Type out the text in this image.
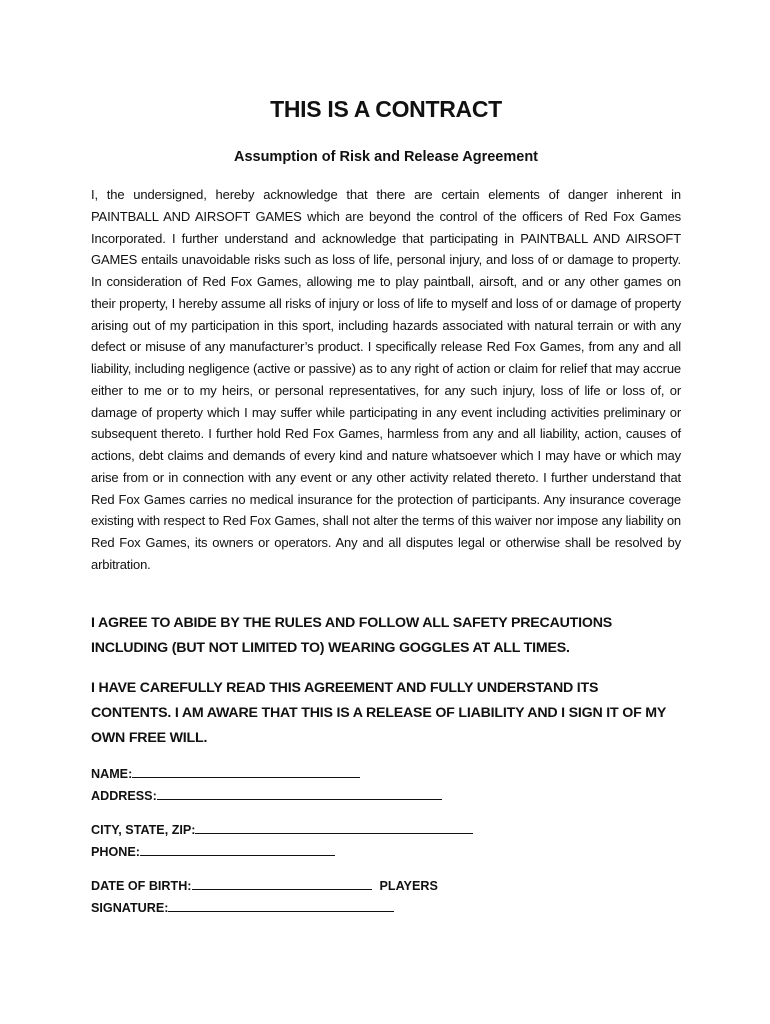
THIS IS A CONTRACT
Assumption of Risk and Release Agreement

I, the undersigned, hereby acknowledge that there are certain elements of danger inherent in PAINTBALL AND AIRSOFT GAMES which are beyond the control of the officers of Red Fox Games Incorporated. I further understand and acknowledge that participating in PAINTBALL AND AIRSOFT GAMES entails unavoidable risks such as loss of life, personal injury, and loss of or damage to property. In consideration of Red Fox Games, allowing me to play paintball, airsoft, and or any other games on their property, I hereby assume all risks of injury or loss of life to myself and loss of or damage of property arising out of my participation in this sport, including hazards associated with natural terrain or with any defect or misuse of any manufacturer’s product. I specifically release Red Fox Games, from any and all liability, including negligence (active or passive) as to any right of action or claim for relief that may accrue either to me or to my heirs, or personal representatives, for any such injury, loss of life or loss of, or damage of property which I may suffer while participating in any event including activities preliminary or subsequent thereto. I further hold Red Fox Games, harmless from any and all liability, action, causes of actions, debt claims and demands of every kind and nature whatsoever which I may have or which may arise from or in connection with any event or any other activity related thereto. I further understand that Red Fox Games carries no medical insurance for the protection of participants. Any insurance coverage existing with respect to Red Fox Games, shall not alter the terms of this waiver nor impose any liability on Red Fox Games, its owners or operators. Any and all disputes legal or otherwise shall be resolved by arbitration.

I AGREE TO ABIDE BY THE RULES AND FOLLOW ALL SAFETY PRECAUTIONS INCLUDING (BUT NOT LIMITED TO) WEARING GOGGLES AT ALL TIMES.

I HAVE CAREFULLY READ THIS AGREEMENT AND FULLY UNDERSTAND ITS CONTENTS. I AM AWARE THAT THIS IS A RELEASE OF LIABILITY AND I SIGN IT OF MY OWN FREE WILL.

NAME:
ADDRESS:
CITY, STATE, ZIP:
PHONE:
DATE OF BIRTH:	PLAYERS
SIGNATURE:
